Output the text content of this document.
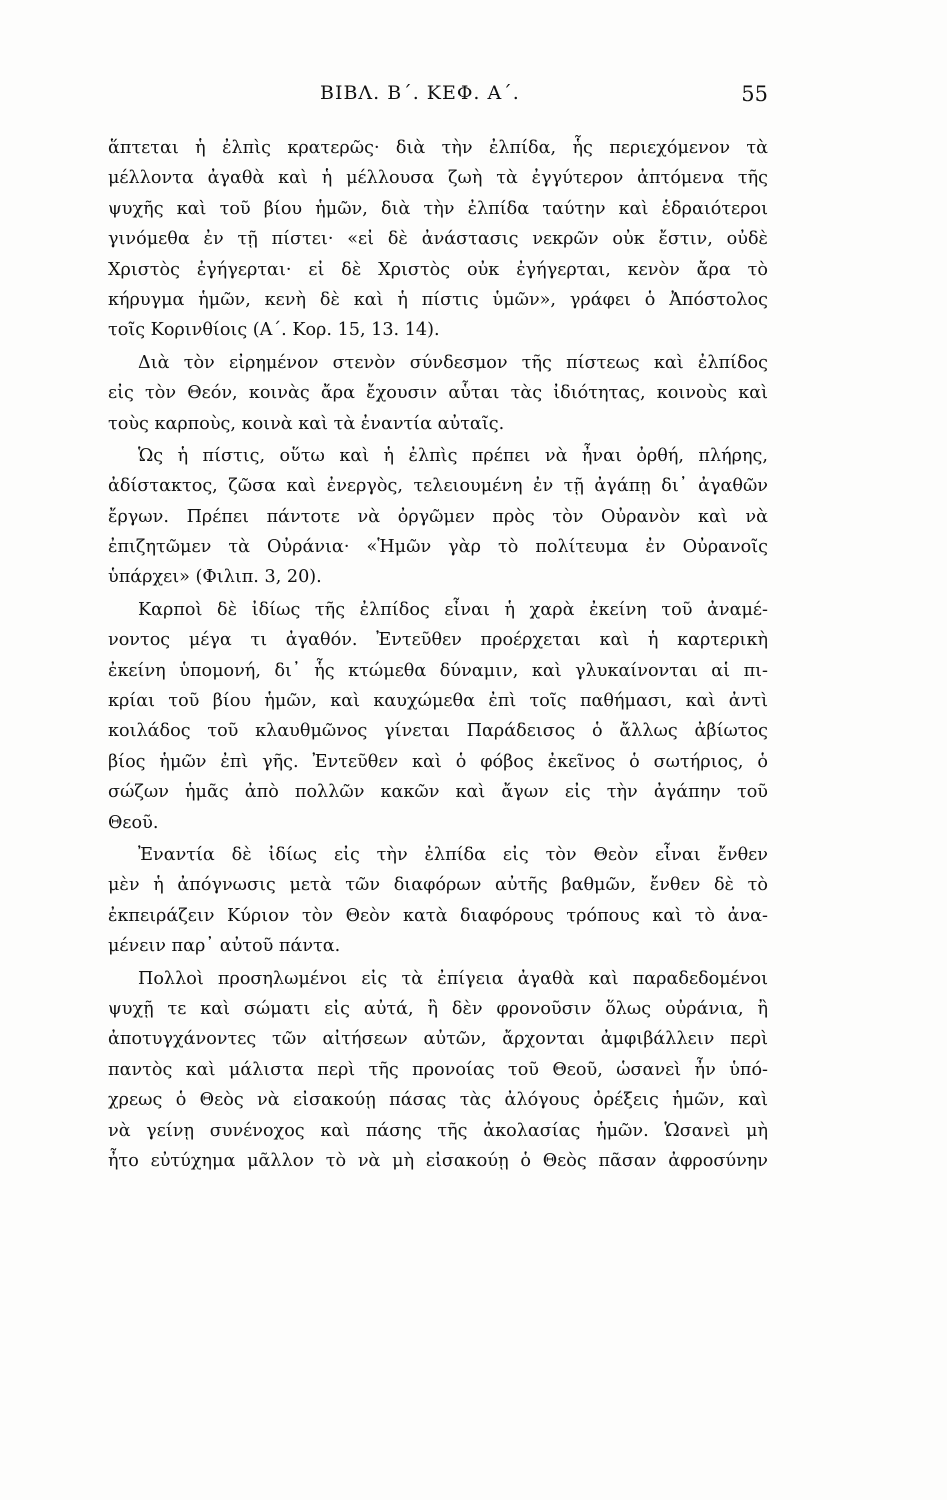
ΒΙΒΛ. Β΄. ΚΕΦ. Α΄.	55
ἅπτεται ἡ ἐλπὶς κρατερῶς· διὰ τὴν ἐλπίδα, ἧς περιεχόμενον τὰ
μέλλοντα ἀγαθὰ καὶ ἡ μέλλουσα ζωὴ τὰ ἐγγύτερον ἀπτόμενα τῆς
ψυχῆς καὶ τοῦ βίου ἡμῶν, διὰ τὴν ἐλπίδα ταύτην καὶ ἑδραιότεροι
γινόμεθα ἐν τῇ πίστει· «εἰ δὲ ἀνάστασις νεκρῶν οὐκ ἔστιν, οὐδὲ
Χριστὸς ἐγήγερται· εἰ δὲ Χριστὸς οὐκ ἐγήγερται, κενὸν ἄρα τὸ
κήρυγμα ἡμῶν, κενὴ δὲ καὶ ἡ πίστις ὑμῶν», γράφει ὁ Ἀπόστολος
τοῖς Κορινθίοις (Α΄. Κορ. 15, 13. 14).
Διὰ τὸν εἰρημένον στενὸν σύνδεσμον τῆς πίστεως καὶ ἐλπίδος
εἰς τὸν Θεόν, κοινὰς ἄρα ἔχουσιν αὗται τὰς ἰδιότητας, κοινοὺς καὶ
τοὺς καρποὺς, κοινὰ καὶ τὰ ἐναντία αὐταῖς.
Ὡς ἡ πίστις, οὕτω καὶ ἡ ἐλπὶς πρέπει νὰ ἦναι ὀρθή, πλήρης,
ἀδίστακτος, ζῶσα καὶ ἐνεργὸς, τελειουμένη ἐν τῇ ἀγάπῃ δι᾽ ἀγαθῶν
ἔργων. Πρέπει πάντοτε νὰ ὀργῶμεν πρὸς τὸν Οὐρανὸν καὶ νὰ
ἐπιζητῶμεν τὰ Οὐράνια· «Ἡμῶν γὰρ τὸ πολίτευμα ἐν Οὐρανοῖς
ὑπάρχει» (Φιλιπ. 3, 20).
Καρποὶ δὲ ἰδίως τῆς ἐλπίδος εἶναι ἡ χαρὰ ἐκείνη τοῦ ἀναμέ-
νοντος μέγα τι ἀγαθόν. Ἐντεῦθεν προέρχεται καὶ ἡ καρτερικὴ
ἐκείνη ὑπομονή, δι᾽ ἧς κτώμεθα δύναμιν, καὶ γλυκαίνονται αἱ πι-
κρίαι τοῦ βίου ἡμῶν, καὶ καυχώμεθα ἐπὶ τοῖς παθήμασι, καὶ ἀντὶ
κοιλάδος τοῦ κλαυθμῶνος γίνεται Παράδεισος ὁ ἄλλως ἀβίωτος
βίος ἡμῶν ἐπὶ γῆς. Ἐντεῦθεν καὶ ὁ φόβος ἐκεῖνος ὁ σωτήριος, ὁ
σώζων ἡμᾶς ἀπὸ πολλῶν κακῶν καὶ ἄγων εἰς τὴν ἀγάπην τοῦ
Θεοῦ.
Ἐναντία δὲ ἰδίως εἰς τὴν ἐλπίδα εἰς τὸν Θεὸν εἶναι ἔνθεν
μὲν ἡ ἀπόγνωσις μετὰ τῶν διαφόρων αὐτῆς βαθμῶν, ἔνθεν δὲ τὸ
ἐκπειράζειν Κύριον τὸν Θεὸν κατὰ διαφόρους τρόπους καὶ τὸ ἀνα-
μένειν παρ᾽ αὐτοῦ πάντα.
Πολλοὶ προσηλωμένοι εἰς τὰ ἐπίγεια ἀγαθὰ καὶ παραδεδομένοι
ψυχῇ τε καὶ σώματι εἰς αὐτά, ἢ δὲν φρονοῦσιν ὅλως οὐράνια, ἢ
ἀποτυγχάνοντες τῶν αἰτήσεων αὐτῶν, ἄρχονται ἀμφιβάλλειν περὶ
παντὸς καὶ μάλιστα περὶ τῆς προνοίας τοῦ Θεοῦ, ὡσανεὶ ἦν ὑπό-
χρεως ὁ Θεὸς νὰ εἰσακούῃ πάσας τὰς ἀλόγους ὀρέξεις ἡμῶν, καὶ
νὰ γείνῃ συνένοχος καὶ πάσης τῆς ἀκολασίας ἡμῶν. Ὡσανεὶ μὴ
ἦτο εὐτύχημα μᾶλλον τὸ νὰ μὴ εἰσακούῃ ὁ Θεὸς πᾶσαν ἀφροσύνην
